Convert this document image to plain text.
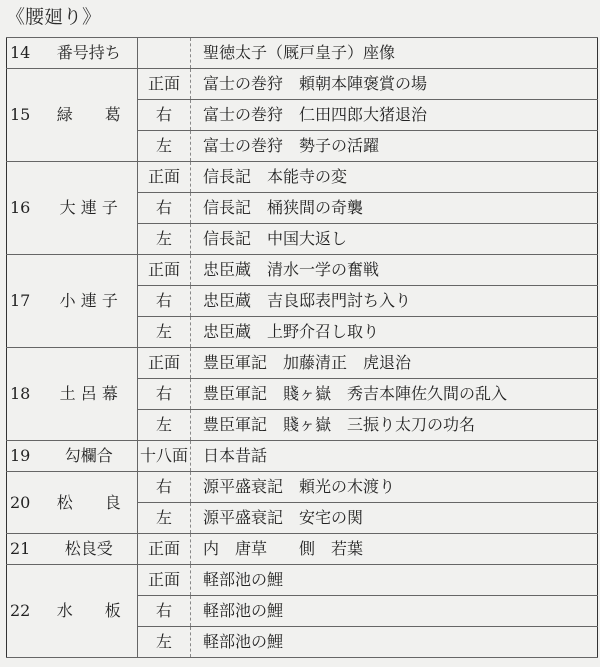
《腰廻り》
14	番号持ち		聖徳太子（厩戸皇子）座像
15	緑　　葛	正面	富士の巻狩　頼朝本陣褒賞の場
		右	富士の巻狩　仁田四郎大猪退治
		左	富士の巻狩　勢子の活躍
16	大 連 子	正面	信長記　本能寺の変
		右	信長記　桶狭間の奇襲
		左	信長記　中国大返し
17	小 連 子	正面	忠臣蔵　清水一学の奮戦
		右	忠臣蔵　吉良邸表門討ち入り
		左	忠臣蔵　上野介召し取り
18	土 呂 幕	正面	豊臣軍記　加藤清正　虎退治
		右	豊臣軍記　賤ヶ嶽　秀吉本陣佐久間の乱入
		左	豊臣軍記　賤ヶ嶽　三振り太刀の功名
19	勾欄合	十八面	日本昔話
20	松　　良	右	源平盛衰記　頼光の木渡り
		左	源平盛衰記　安宅の関
21	松良受	正面	内　唐草　　側　若葉
22	水　　板	正面	軽部池の鯉
		右	軽部池の鯉
		左	軽部池の鯉
